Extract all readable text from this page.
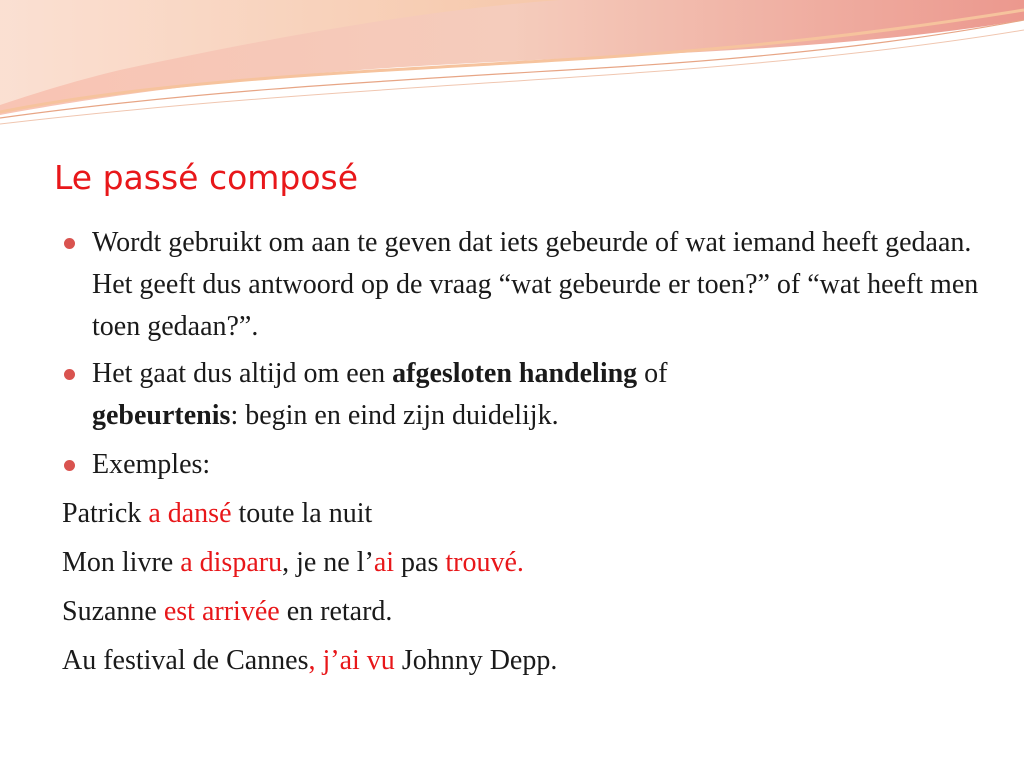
Le passé composé
Wordt gebruikt om aan te geven dat iets gebeurde of wat iemand heeft gedaan. Het geeft dus antwoord op de vraag “wat gebeurde er toen?” of “wat heeft men toen gedaan?”.
Het gaat dus altijd om een afgesloten handeling of
gebeurtenis: begin en eind zijn duidelijk.
Exemples:
Patrick a dansé toute la nuit
Mon livre a disparu, je ne l’ai pas trouvé.
Suzanne est arrivée en retard.
Au festival de Cannes, j’ai vu Johnny Depp.
